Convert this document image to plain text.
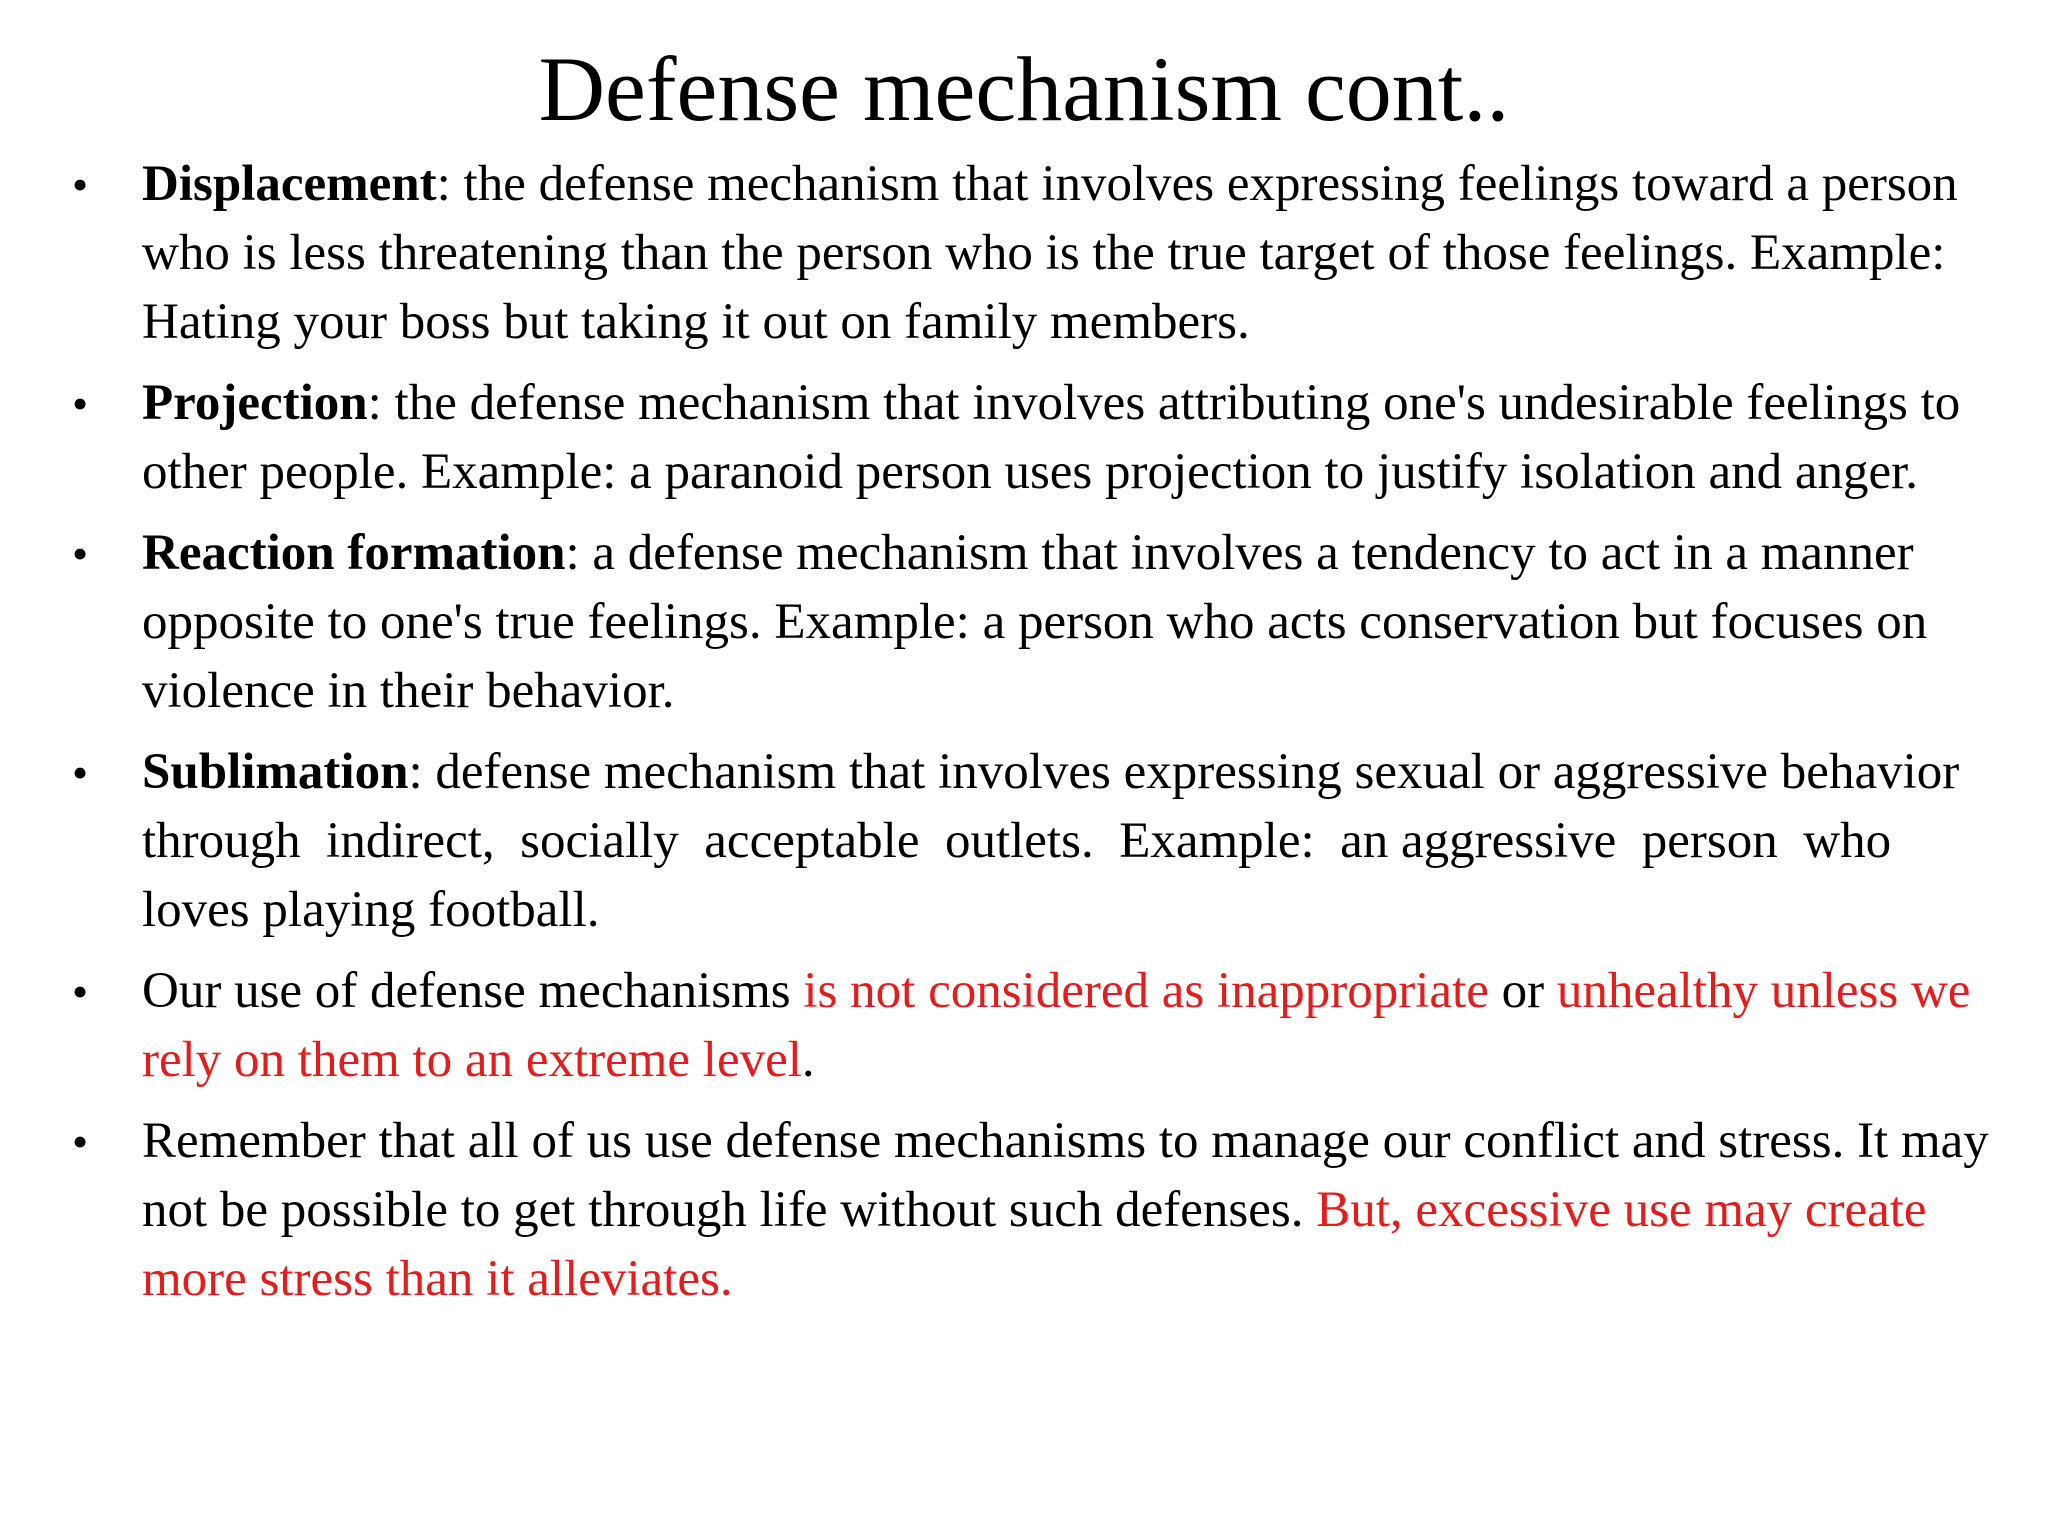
Defense mechanism cont..
• Displacement: the defense mechanism that involves expressing feelings toward a person who is less threatening than the person who is the true target of those feelings. Example: Hating your boss but taking it out on family members.
• Projection: the defense mechanism that involves attributing one's undesirable feelings to other people. Example: a paranoid person uses projection to justify isolation and anger.
• Reaction formation: a defense mechanism that involves a tendency to act in a manner opposite to one's true feelings. Example: a person who acts conservation but focuses on violence in their behavior.
• Sublimation: defense mechanism that involves expressing sexual or aggressive behavior through  indirect,  socially  acceptable  outlets.  Example:  an aggressive  person  who  loves playing football.
• Our use of defense mechanisms is not considered as inappropriate or unhealthy unless we rely on them to an extreme level.
• Remember that all of us use defense mechanisms to manage our conflict and stress. It may not be possible to get through life without such defenses. But, excessive use may create more stress than it alleviates.
